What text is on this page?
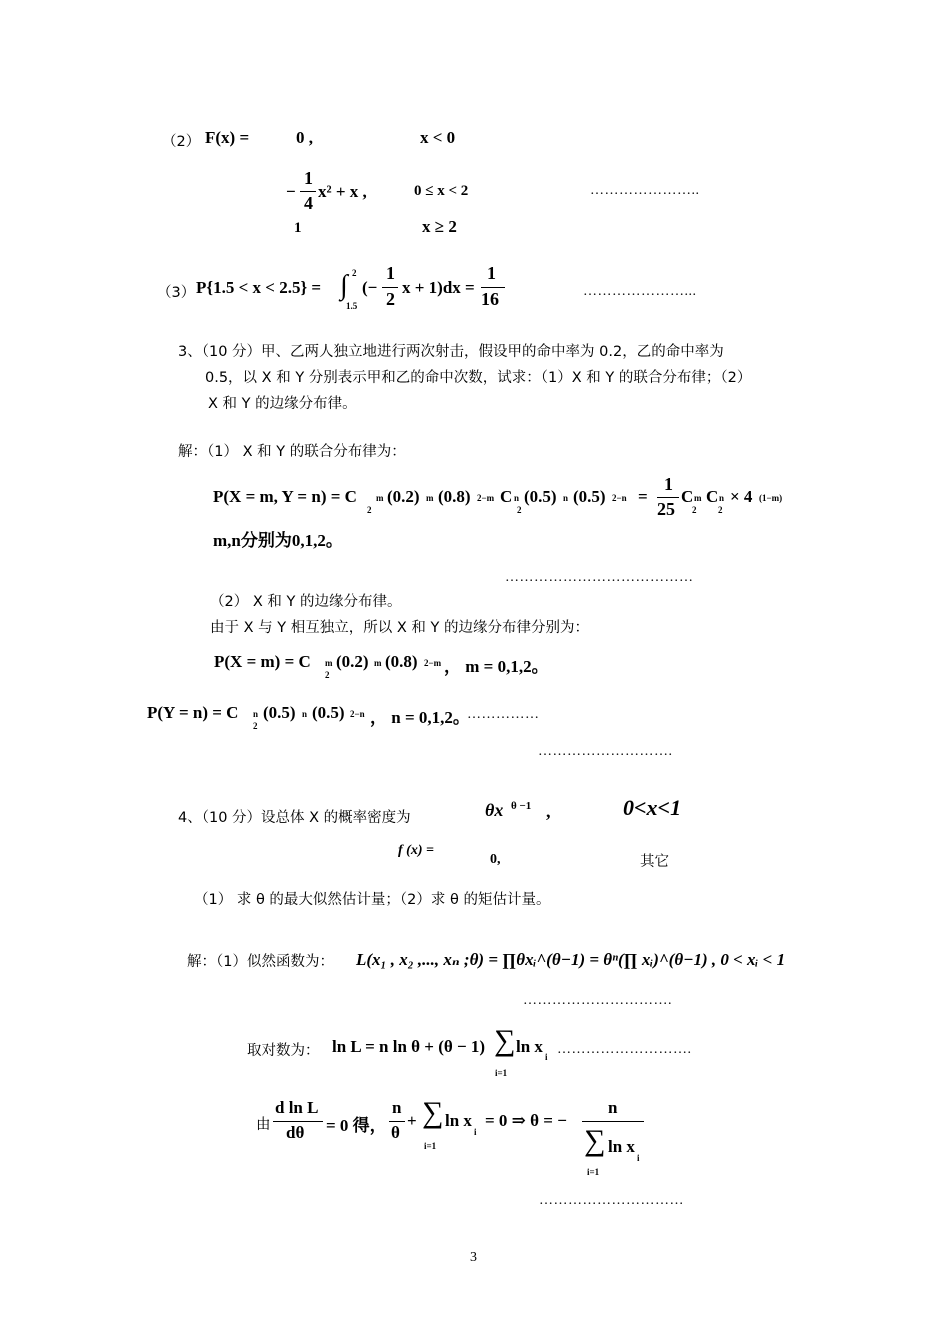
（2） F(x) =	0 ,	x < 0
−
1
4
x² + x ,	0 ≤ x < 2	…………………..
1	x ≥ 2
（3） P{1.5 < x < 2.5} = ∫ 2
1.5
(−
1
2
x + 1)dx =
1
16	…………………...
3、（10 分）甲、乙两人独立地进行两次射击，假设甲的命中率为 0.2，乙的命中率为
0.5，以 X 和 Y 分别表示甲和乙的命中次数，试求：（1）X 和 Y 的联合分布律；（2）
X 和 Y 的边缘分布律。
解：（1） X 和 Y 的联合分布律为：
P(X = m, Y = n) = C m
2
(0.2) m (0.8) 2−m C n
2
(0.5) n (0.5) 2−n =
1
25
C m
2
C n
2
× 4 (1−m)
m,n分别为0,1,2。
…………………………………
（2） X 和 Y 的边缘分布律。
由于 X 与 Y 相互独立，所以 X 和 Y 的边缘分布律分别为：
P(X = m) = C m
2
(0.2) m (0.8) 2−m ， m = 0,1,2。
P(Y = n) = C n
2
(0.5) n (0.5) 2−n ， n = 0,1,2。
……………
……………………….
4、（10 分）设总体 X 的概率密度为	θx θ −1 ,	0<x<1
f (x) =
0,	其它
（1） 求 θ 的最大似然估计量；（2）求 θ 的矩估计量。
解：（1）似然函数为： L(x₁ , x₂ ,..., xₙ ;θ) = ∏θxᵢ^(θ−1) = θⁿ(∏ xᵢ)^(θ−1) , 0 < xᵢ < 1
………………………….
取对数为： ln L = n ln θ + (θ − 1) ∑ ln x
i
i=1
……………………….
由
d ln L
dθ = 0 得，
n
θ
+ ∑ ln x
i
i=1
= 0 ⇒ θ = −
n
∑ ln x
i
i=1
…………………………
3
